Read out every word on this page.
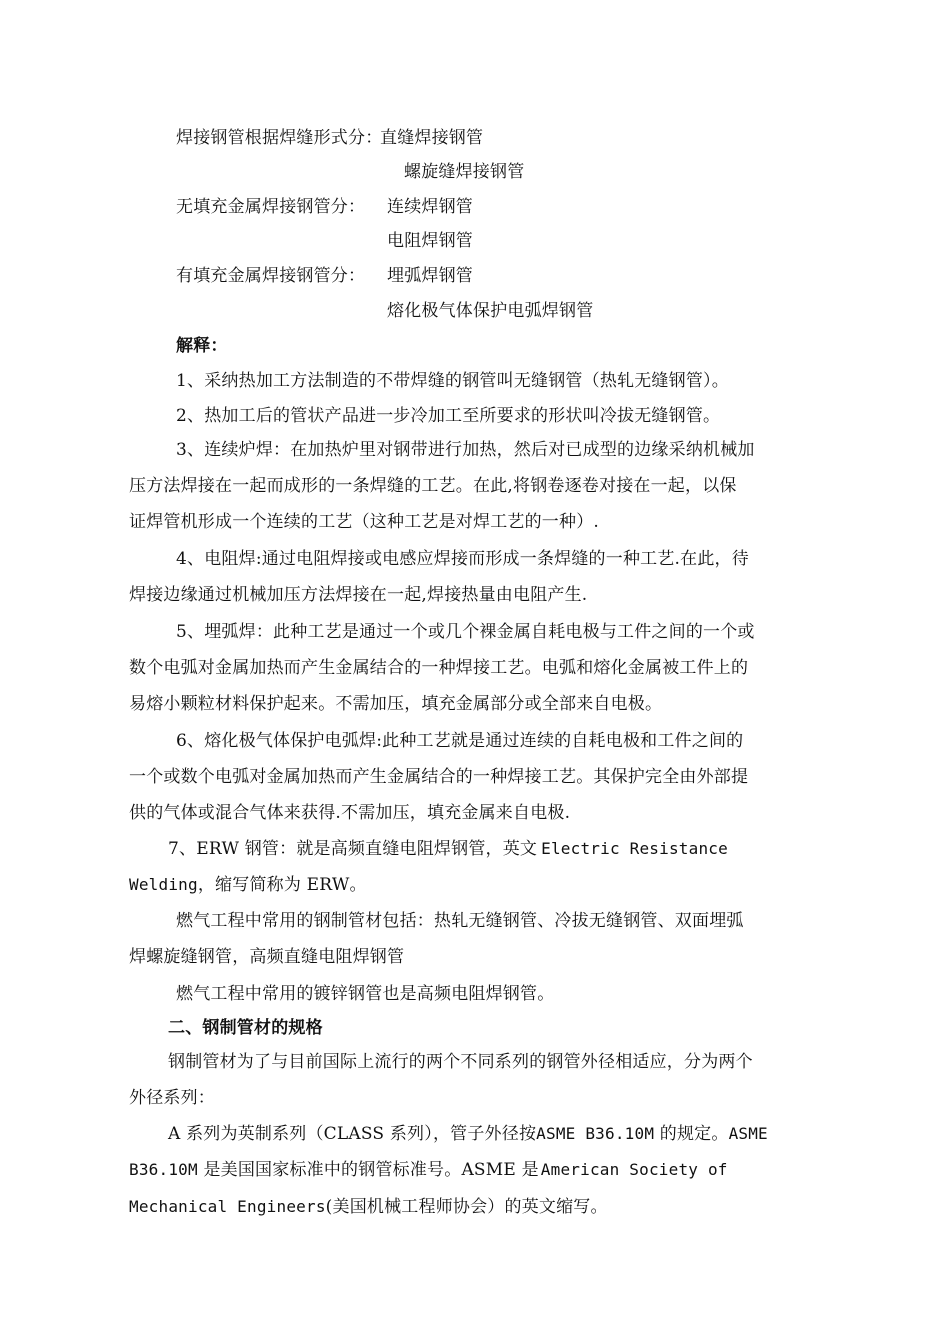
焊接钢管根据焊缝形式分：
直缝焊接钢管
螺旋缝焊接钢管
无填充金属焊接钢管分： 连续焊钢管
电阻焊钢管
有填充金属焊接钢管分： 埋弧焊钢管
熔化极气体保护电弧焊钢管
解释：
1、采纳热加工方法制造的不带焊缝的钢管叫无缝钢管（热轧无缝钢管）。
2、热加工后的管状产品进一步冷加工至所要求的形状叫冷拔无缝钢管。
3、连续炉焊：在加热炉里对钢带进行加热，然后对已成型的边缘采纳机械加
压方法焊接在一起而成形的一条焊缝的工艺。在此,将钢卷逐卷对接在一起，以保
证焊管机形成一个连续的工艺（这种工艺是对焊工艺的一种）.
4、电阻焊:通过电阻焊接或电感应焊接而形成一条焊缝的一种工艺.在此，待
焊接边缘通过机械加压方法焊接在一起,焊接热量由电阻产生.
5、埋弧焊：此种工艺是通过一个或几个裸金属自耗电极与工件之间的一个或
数个电弧对金属加热而产生金属结合的一种焊接工艺。电弧和熔化金属被工件上的
易熔小颗粒材料保护起来。不需加压，填充金属部分或全部来自电极。
6、熔化极气体保护电弧焊:此种工艺就是通过连续的自耗电极和工件之间的
一个或数个电弧对金属加热而产生金属结合的一种焊接工艺。其保护完全由外部提
供的气体或混合气体来获得.不需加压，填充金属来自电极.
7、ERW 钢管：就是高频直缝电阻焊钢管，英文 Electric Resistance
Welding，缩写简称为 ERW。
燃气工程中常用的钢制管材包括：热轧无缝钢管、冷拔无缝钢管、双面埋弧
焊螺旋缝钢管，高频直缝电阻焊钢管
燃气工程中常用的镀锌钢管也是高频电阻焊钢管。
二、钢制管材的规格
钢制管材为了与目前国际上流行的两个不同系列的钢管外径相适应，分为两个
外径系列：
A 系列为英制系列（CLASS 系列），管子外径按ASME B36.10M 的规定。ASME
B36.10M 是美国国家标准中的钢管标准号。ASME 是 American Society of
Mechanical Engineers(美国机械工程师协会）的英文缩写。
